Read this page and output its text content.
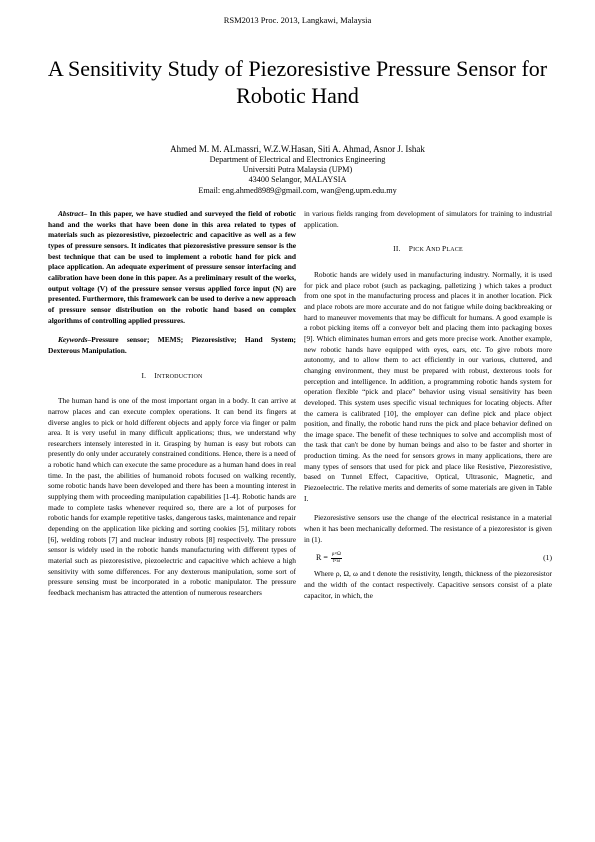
RSM2013 Proc. 2013, Langkawi, Malaysia
A Sensitivity Study of Piezoresistive Pressure Sensor for
Robotic Hand
Ahmed M. M. ALmassri, W.Z.W.Hasan, Siti A. Ahmad, Asnor J. Ishak
Department of Electrical and Electronics Engineering
Universiti Putra Malaysia (UPM)
43400 Selangor, MALAYSIA
Email: eng.ahmed8989@gmail.com, wan@eng.upm.edu.my

Abstract– In this paper, we have studied and surveyed the field of robotic hand and the works that have been done in this area related to types of materials such as piezoresistive, piezoelectric and capacitive as well as a few types of pressure sensors. It indicates that piezoresistive pressure sensor is the best technique that can be used to implement a robotic hand for pick and place application. An adequate experiment of pressure sensor interfacing and calibration have been done in this paper. As a preliminary result of the works, output voltage (V) of the pressure sensor versus applied force input (N) are presented. Furthermore, this framework can be used to derive a new approach of pressure sensor distribution on the robotic hand based on complex algorithms of controlling applied pressures.

Keywords–Pressure sensor; MEMS; Piezoresistive; Hand System; Dexterous Manipulation.

I. INTRODUCTION

The human hand is one of the most important organ in a body. It can arrive at narrow places and can execute complex operations. It can bend its fingers at diverse angles to pick or hold different objects and apply force via finger or palm area. It is very useful in many difficult applications; thus, we understand why researchers intensely interested in it. Grasping by human is easy but robots can presently do only under accurately constrained conditions. Hence, there is a need of a robotic hand which can execute the same procedure as a human hand does in real time. In the past, the abilities of humanoid robots focused on walking recently, some robotic hands have been developed and there has been a mounting interest in supplying them with proceeding manipulation capabilities [1-4]. Robotic hands are made to complete tasks whenever required so, there are a lot of purposes for robotic hands for example repetitive tasks, dangerous tasks, maintenance and repair depending on the application like picking and sorting cookies [5], military robots [6], welding robots [7] and nuclear industry robots [8] respectively. The pressure sensor is widely used in the robotic hands manufacturing with different types of material such as piezoresistive, piezoelectric and capacitive which achieve a high sensitivity with some differences. For any dexterous manipulation, some sort of pressure sensing must be incorporated in a robotic manipulator. The pressure feedback mechanism has attracted the attention of numerous researchers

in various fields ranging from development of simulators for training to industrial application.

II. PICK AND PLACE

Robotic hands are widely used in manufacturing industry. Normally, it is used for pick and place robot (such as packaging, palletizing ) which takes a product from one spot in the manufacturing process and places it in another location. Pick and place robots are more accurate and do not fatigue while doing backbreaking or hard to maneuver movements that may be difficult for humans. A good example is a robot picking items off a conveyor belt and placing them into packaging boxes [9]. Which eliminates human errors and gets more precise work. Another example, new robotic hands have equipped with eyes, ears, etc. To give robots more autonomy, and to allow them to act efficiently in our various, cluttered, and changing environment, they must be prepared with robust, dexterous tools for perception and intelligence. In addition, a programming robotic hands system for operation flexible “pick and place” behavior using visual sensitivity has been developed. This system uses specific visual techniques for locating objects. After the camera is calibrated [10], the employer can define pick and place object position, and finally, the robotic hand runs the pick and place behavior defined on the image space. The benefit of these techniques to solve and accomplish most of the task that can't be done by human beings and also to be faster and shorter in production timing. As the need for sensors grows in many applications, there are many types of sensors that used for pick and place like Resistive, Piezoresistive, based on Tunnel Effect, Capacitive, Optical, Ultrasonic, Magnetic, and Piezoelectric. The relative merits and demerits of some materials are given in Table I.

Piezoresistive sensors use the change of the electrical resistance in a material when it has been mechanically deformed. The resistance of a piezoresistor is given in (1).

$R = \frac{\rho\times\Omega}{t\times\omega}$	(1)

Where ρ, Ω, ω and t denote the resistivity, length, thickness of the piezoresistor and the width of the contact respectively. Capacitive sensors consist of a plate capacitor, in which, the
